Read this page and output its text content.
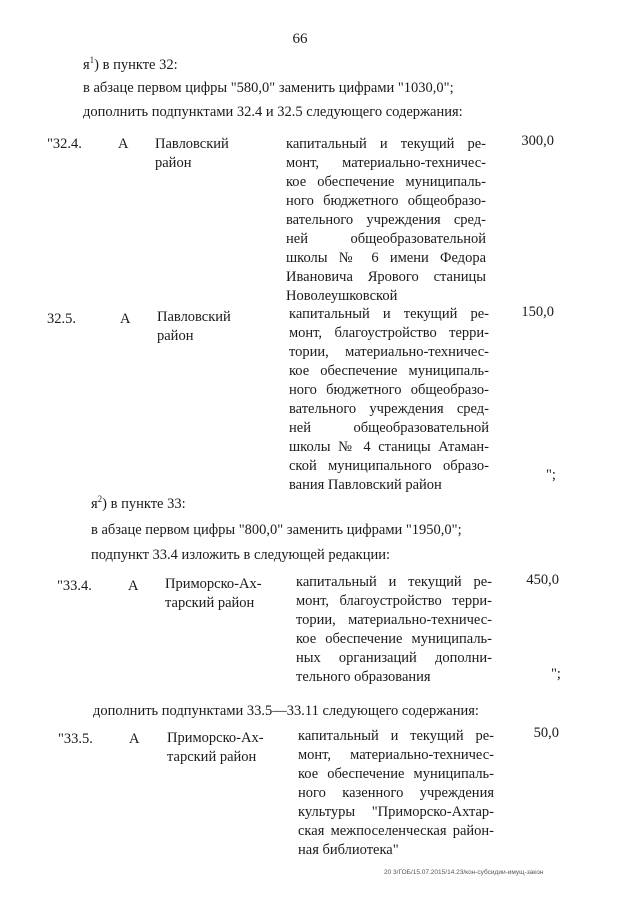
66
$я^1$) в пункте 32:
в абзаце первом цифры "580,0" заменить цифрами "1030,0";
дополнить подпунктами 32.4 и 32.5 следующего содержания:
"32.4. А Павловский
район
капитальный и текущий ре-
монт, материально-техничес-
кое обеспечение муниципаль-
ного бюджетного общеобразо-
вательного учреждения сред-
ней общеобразовательной
школы № 6 имени Федора
Ивановича Ярового станицы
Новолеушковской
300,0
32.5.	А Павловский
район
капитальный и текущий ре-
монт, благоустройство терри-
тории, материально-техничес-
кое обеспечение муниципаль-
ного бюджетного общеобразо-
вательного учреждения сред-
ней общеобразовательной
школы № 4 станицы Атаман-
ской муниципального образо-
вания Павловский район
150,0
";
$я^2$) в пункте 33:
в абзаце первом цифры "800,0" заменить цифрами "1950,0";
подпункт 33.4 изложить в следующей редакции:
"33.4. А Приморско-Ах-
тарский район
капитальный и текущий ре-
монт, благоустройство терри-
тории, материально-техничес-
кое обеспечение муниципаль-
ных организаций дополни-
тельного образования
450,0
";
дополнить подпунктами 33.5—33.11 следующего содержания:
"33.5. А Приморско-Ах-
тарский район
капитальный и текущий ре-
монт, материально-техничес-
кое обеспечение муниципаль-
ного казенного учреждения
культуры "Приморско-Ахтар-
ская межпоселенческая район-
ная библиотека"
50,0
20 3/ГОБ/15.07.2015/14.23/кон-субсидии-имущ-закон
